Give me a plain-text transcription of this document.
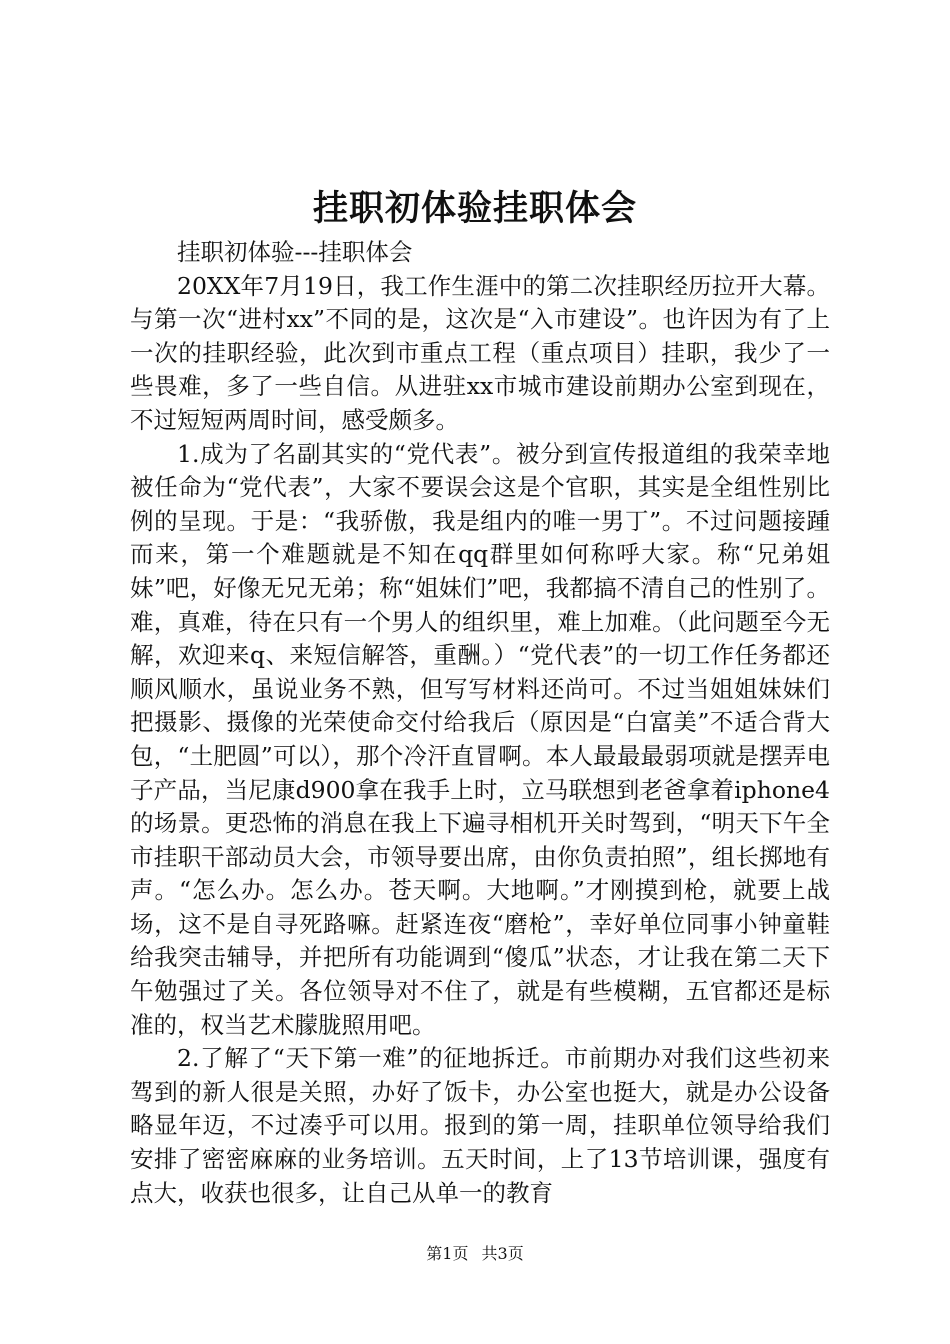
挂职初体验挂职体会

挂职初体验---挂职体会

20XX年7月19日，我工作生涯中的第二次挂职经历拉开大幕。与第一次“进村xx”不同的是，这次是“入市建设”。也许因为有了上一次的挂职经验，此次到市重点工程（重点项目）挂职，我少了一些畏难，多了一些自信。从进驻xx市城市建设前期办公室到现在，不过短短两周时间，感受颇多。

1.成为了名副其实的“党代表”。被分到宣传报道组的我荣幸地被任命为“党代表”，大家不要误会这是个官职，其实是全组性别比例的呈现。于是：“我骄傲，我是组内的唯一男丁”。不过问题接踵而来，第一个难题就是不知在qq群里如何称呼大家。称“兄弟姐妹”吧，好像无兄无弟；称“姐妹们”吧，我都搞不清自己的性别了。难，真难，待在只有一个男人的组织里，难上加难。（此问题至今无解，欢迎来q、来短信解答，重酬。）“党代表”的一切工作任务都还顺风顺水，虽说业务不熟，但写写材料还尚可。不过当姐姐妹妹们把摄影、摄像的光荣使命交付给我后（原因是“白富美”不适合背大包，“土肥圆”可以），那个冷汗直冒啊。本人最最最弱项就是摆弄电子产品，当尼康d900拿在我手上时，立马联想到老爸拿着iphone4的场景。更恐怖的消息在我上下遍寻相机开关时驾到，“明天下午全市挂职干部动员大会，市领导要出席，由你负责拍照”，组长掷地有声。“怎么办。怎么办。苍天啊。大地啊。”才刚摸到枪，就要上战场，这不是自寻死路嘛。赶紧连夜“磨枪”，幸好单位同事小钟童鞋给我突击辅导，并把所有功能调到“傻瓜”状态，才让我在第二天下午勉强过了关。各位领导对不住了，就是有些模糊，五官都还是标准的，权当艺术朦胧照用吧。

2.了解了“天下第一难”的征地拆迁。市前期办对我们这些初来驾到的新人很是关照，办好了饭卡，办公室也挺大，就是办公设备略显年迈，不过凑乎可以用。报到的第一周，挂职单位领导给我们安排了密密麻麻的业务培训。五天时间，上了13节培训课，强度有点大，收获也很多，让自己从单一的教育

第1页 共3页
